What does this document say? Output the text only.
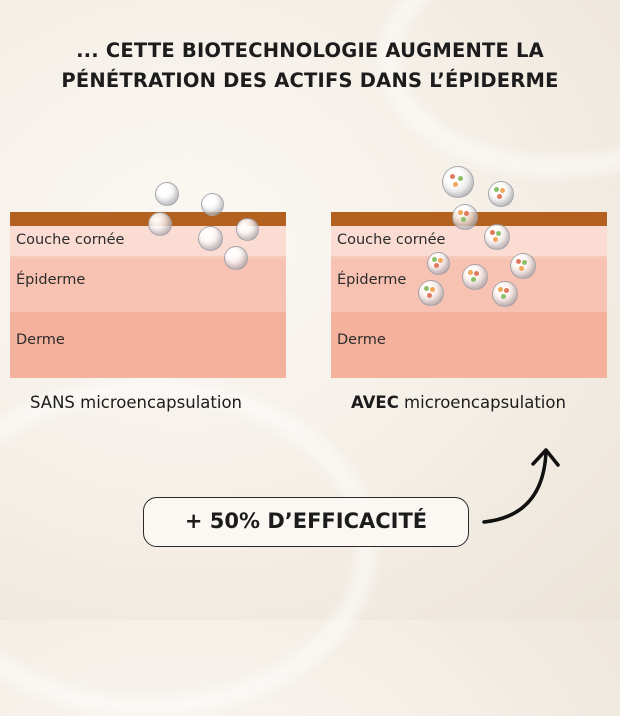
... CETTE BIOTECHNOLOGIE AUGMENTE LA
PÉNÉTRATION DES ACTIFS DANS L’ÉPIDERME
Couche cornée
Épiderme
Derme
SANS microencapsulation
Couche cornée
Épiderme
Derme
AVEC microencapsulation
+ 50% D’EFFICACITÉ
